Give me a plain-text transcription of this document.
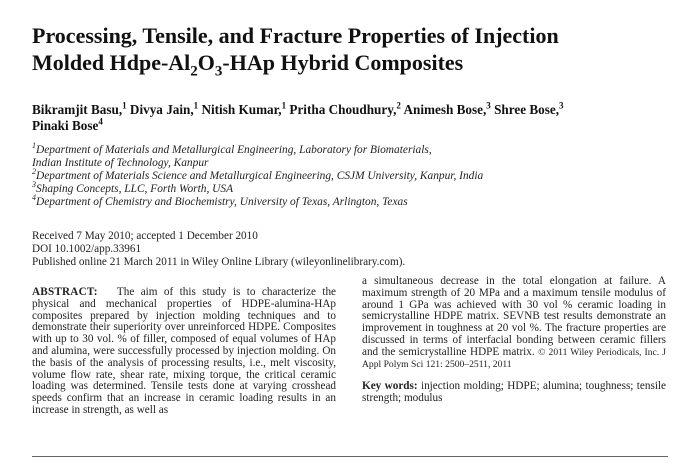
Processing, Tensile, and Fracture Properties of Injection
Molded Hdpe-$Al_2O_3$-HAp Hybrid Composites
Bikramjit Basu,$^1$ Divya Jain,$^1$ Nitish Kumar,$^1$ Pritha Choudhury,$^2$ Animesh Bose,$^3$ Shree Bose,$^3$
Pinaki Bose$^4$
$^1$Department of Materials and Metallurgical Engineering, Laboratory for Biomaterials,
Indian Institute of Technology, Kanpur
$^2$Department of Materials Science and Metallurgical Engineering, CSJM University, Kanpur, India
$^3$Shaping Concepts, LLC, Forth Worth, USA
$^4$Department of Chemistry and Biochemistry, University of Texas, Arlington, Texas
Received 7 May 2010; accepted 1 December 2010
DOI 10.1002/app.33961
Published online 21 March 2011 in Wiley Online Library (wileyonlinelibrary.com).
ABSTRACT: The aim of this study is to characterize the physical and mechanical properties of HDPE-alumina-HAp composites prepared by injection molding techniques and to demonstrate their superiority over unreinforced HDPE. Composites with up to 30 vol. % of filler, composed of equal volumes of HAp and alumina, were successfully processed by injection molding. On the basis of the analysis of processing results, i.e., melt viscosity, volume flow rate, shear rate, mixing torque, the critical ceramic loading was determined. Tensile tests done at varying crosshead speeds confirm that an increase in ceramic loading results in an increase in strength, as well as
a simultaneous decrease in the total elongation at failure. A maximum strength of 20 MPa and a maximum tensile modulus of around 1 GPa was achieved with 30 vol % ceramic loading in semicrystalline HDPE matrix. SEVNB test results demonstrate an improvement in toughness at 20 vol %. The fracture properties are discussed in terms of interfacial bonding between ceramic fillers and the semicrystalline HDPE matrix. © 2011 Wiley Periodicals, Inc. J Appl Polym Sci 121: 2500–2511, 2011
Key words: injection molding; HDPE; alumina; toughness; tensile strength; modulus
